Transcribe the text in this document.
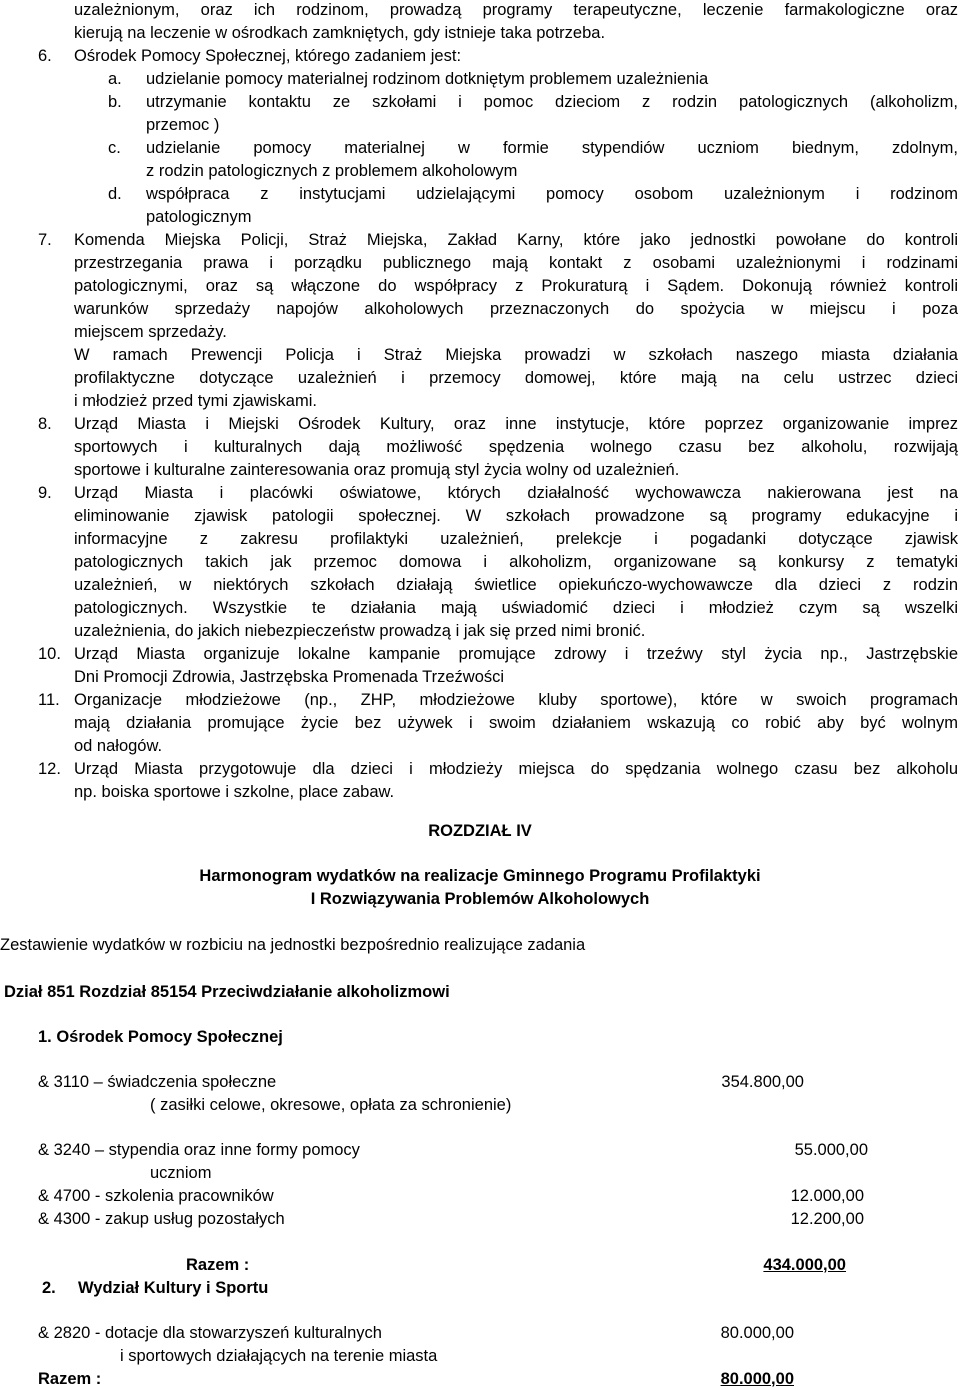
uzależnionym, oraz ich rodzinom, prowadzą programy terapeutyczne, leczenie farmakologiczne oraz
kierują na leczenie w ośrodkach zamkniętych, gdy istnieje taka potrzeba.
6. Ośrodek Pomocy Społecznej, którego zadaniem jest:
a. udzielanie pomocy materialnej rodzinom dotkniętym problemem uzależnienia
b. utrzymanie kontaktu ze szkołami i pomoc dzieciom z rodzin patologicznych (alkoholizm,
przemoc )
c. udzielanie pomocy materialnej w formie stypendiów uczniom biednym, zdolnym,
z rodzin patologicznych z problemem alkoholowym
d. współpraca z instytucjami udzielającymi pomocy osobom uzależnionym i rodzinom
patologicznym
7. Komenda Miejska Policji, Straż Miejska, Zakład Karny, które jako jednostki powołane do kontroli
przestrzegania prawa i porządku publicznego mają kontakt z osobami uzależnionymi i rodzinami
patologicznymi, oraz są włączone do współpracy z Prokuraturą i Sądem. Dokonują również kontroli
warunków sprzedaży napojów alkoholowych przeznaczonych do spożycia w miejscu i poza
miejscem sprzedaży.
W ramach Prewencji Policja i Straż Miejska prowadzi w szkołach naszego miasta działania
profilaktyczne dotyczące uzależnień i przemocy domowej, które mają na celu ustrzec dzieci
i młodzież przed tymi zjawiskami.
8. Urząd Miasta i Miejski Ośrodek Kultury, oraz inne instytucje, które poprzez organizowanie imprez
sportowych i kulturalnych dają możliwość spędzenia wolnego czasu bez alkoholu, rozwijają
sportowe i kulturalne zainteresowania oraz promują styl życia wolny od uzależnień.
9. Urząd Miasta i placówki oświatowe, których działalność wychowawcza nakierowana jest na
eliminowanie zjawisk patologii społecznej. W szkołach prowadzone są programy edukacyjne i
informacyjne z zakresu profilaktyki uzależnień, prelekcje i pogadanki dotyczące zjawisk
patologicznych takich jak przemoc domowa i alkoholizm, organizowane są konkursy z tematyki
uzależnień, w niektórych szkołach działają świetlice opiekuńczo-wychowawcze dla dzieci z rodzin
patologicznych. Wszystkie te działania mają uświadomić dzieci i młodzież czym są wszelki
uzależnienia, do jakich niebezpieczeństw prowadzą i jak się przed nimi bronić.
10. Urząd Miasta organizuje lokalne kampanie promujące zdrowy i trzeźwy styl życia np., Jastrzębskie
Dni Promocji Zdrowia, Jastrzębska Promenada Trzeźwości
11. Organizacje młodzieżowe (np., ZHP, młodzieżowe kluby sportowe), które w swoich programach
mają działania promujące życie bez używek i swoim działaniem wskazują co robić aby być wolnym
od nałogów.
12. Urząd Miasta przygotowuje dla dzieci i młodzieży miejsca do spędzania wolnego czasu bez alkoholu
np. boiska sportowe i szkolne, place zabaw.
ROZDZIAŁ IV
Harmonogram wydatków na realizacje Gminnego Programu Profilaktyki
I Rozwiązywania Problemów Alkoholowych
Zestawienie wydatków w rozbiciu na jednostki bezpośrednio realizujące zadania
Dział 851 Rozdział 85154 Przeciwdziałanie alkoholizmowi
1. Ośrodek Pomocy Społecznej
& 3110 – świadczenia społeczne	354.800,00
( zasiłki celowe, okresowe, opłata za schronienie)
& 3240 – stypendia oraz inne formy pomocy	55.000,00
uczniom
& 4700 - szkolenia pracowników	12.000,00
& 4300 - zakup usług pozostałych	12.200,00
Razem :	434.000,00
2. Wydział Kultury i Sportu
& 2820 - dotacje dla stowarzyszeń kulturalnych	80.000,00
i sportowych działających na terenie miasta
Razem :	80.000,00
